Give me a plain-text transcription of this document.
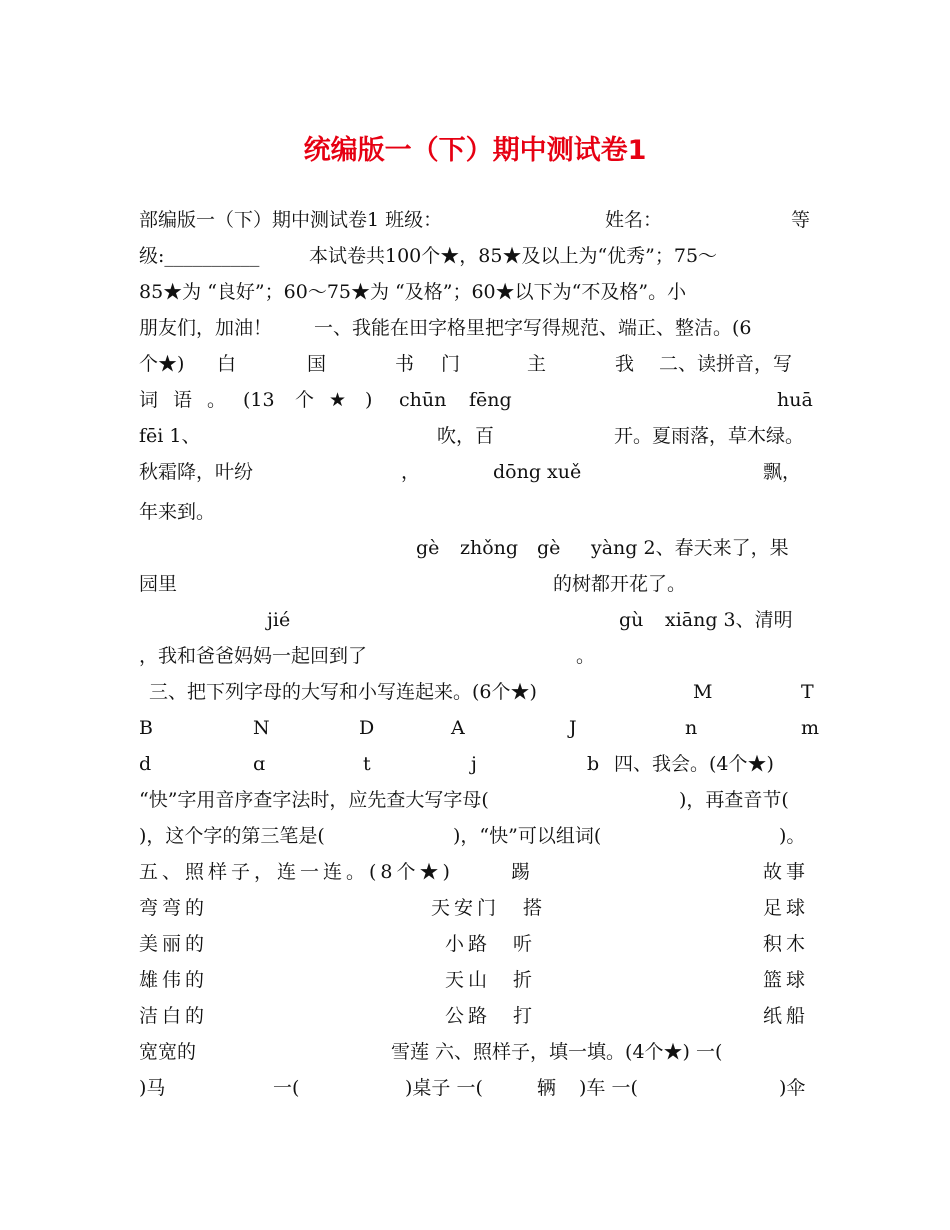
统编版一（下）期中测试卷1
部编版一（下）期中测试卷1 班级：	姓名：	等
级:__________	本试卷共100个★，85★及以上为“优秀”；75～
85★为 “良好”；60～75★为 “及格”；60★以下为“不及格”。小
朋友们，加油！ 一、我能在田字格里把字写得规范、端正、整洁。(6
个★) 白	国	书 门	主	我 二、读拼音，写
词 语 。 (13 个 ★ ) chūn fēng	huā
fēi 1、	吹，百	开。夏雨落，草木绿。
秋霜降，叶纷	，	dōng xuě	飘，
年来到。
gè zhǒng gè yàng 2、春天来了，果
园里	的树都开花了。
jié	gù xiāng 3、清明
，我和爸爸妈妈一起回到了	。
三、把下列字母的大写和小写连起来。(6个★)	M	T
B	N	D	A	J	n	m
d	ɑ	t	j	b 四、我会。(4个★)
“快”字用音序查字法时，应先查大写字母(	)，再查音节(
)，这个字的第三笔是(	)，“快”可以组词(	)。
五、照样子，连一连。(8个★)	踢	故事
弯弯的	天安门 搭	足球
美丽的	小路 听	积木
雄伟的	天山 折	篮球
洁白的	公路 打	纸船
宽宽的	雪莲 六、照样子，填一填。(4个★) 一(
)马	一(	)桌子 一(	辆 )车 一(	)伞
